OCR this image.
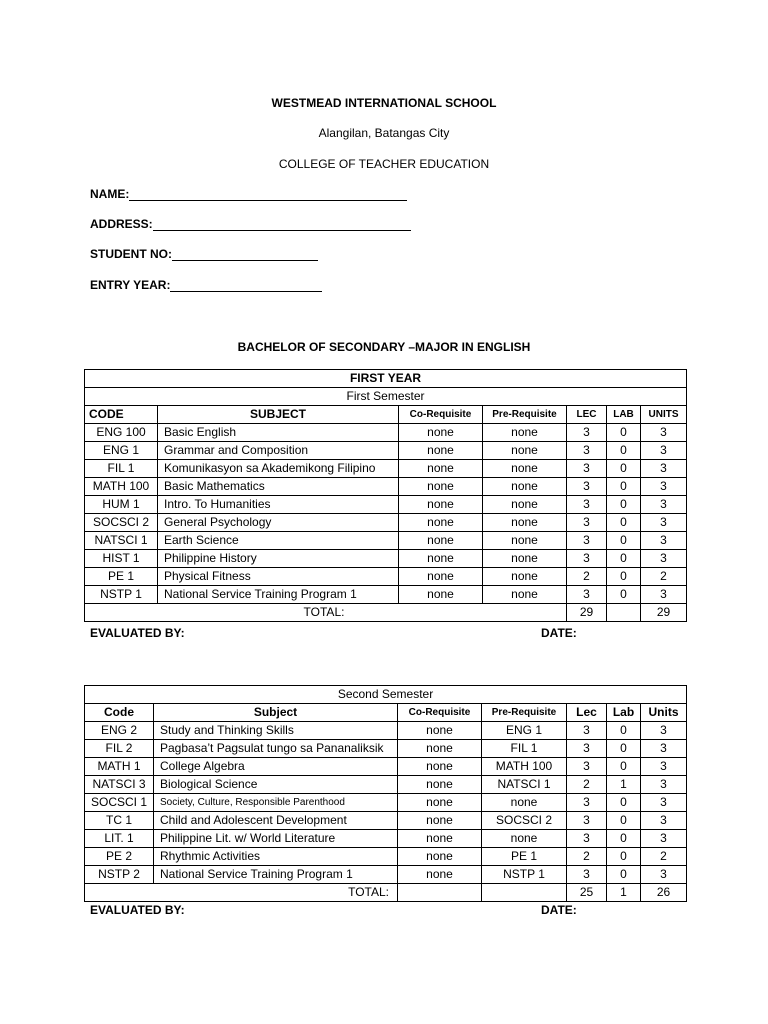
WESTMEAD INTERNATIONAL SCHOOL
Alangilan, Batangas City
COLLEGE OF TEACHER EDUCATION
NAME:
ADDRESS:
STUDENT NO:
ENTRY YEAR:
BACHELOR OF SECONDARY –MAJOR IN ENGLISH
FIRST YEAR						
First Semester						
CODE	SUBJECT	Co-Requisite	Pre-Requisite	LEC	LAB	UNITS
ENG 100	Basic English	none	none	3	0	3
ENG 1	Grammar and Composition	none	none	3	0	3
FIL 1	Komunikasyon sa Akademikong Filipino	none	none	3	0	3
MATH 100	Basic Mathematics	none	none	3	0	3
HUM 1	Intro. To Humanities	none	none	3	0	3
SOCSCI 2	General Psychology	none	none	3	0	3
NATSCI 1	Earth Science	none	none	3	0	3
HIST 1	Philippine History	none	none	3	0	3
PE 1	Physical Fitness	none	none	2	0	2
NSTP 1	National Service Training Program 1	none	none	3	0	3
TOTAL:				29		29
EVALUATED BY:	DATE:
Second Semester						
Code	Subject	Co-Requisite	Pre-Requisite	Lec	Lab	Units
ENG 2	Study and Thinking Skills	none	ENG 1	3	0	3
FIL 2	Pagbasa’t Pagsulat tungo sa Pananaliksik	none	FIL 1	3	0	3
MATH 1	College Algebra	none	MATH 100	3	0	3
NATSCI 3	Biological Science	none	NATSCI 1	2	1	3
SOCSCI 1	Society, Culture, Responsible Parenthood	none	none	3	0	3
TC 1	Child and Adolescent Development	none	SOCSCI 2	3	0	3
LIT. 1	Philippine Lit. w/ World Literature	none	none	3	0	3
PE 2	Rhythmic Activities	none	PE 1	2	0	2
NSTP 2	National Service Training Program 1	none	NSTP 1	3	0	3
TOTAL:				25	1	26
EVALUATED BY:	DATE:
